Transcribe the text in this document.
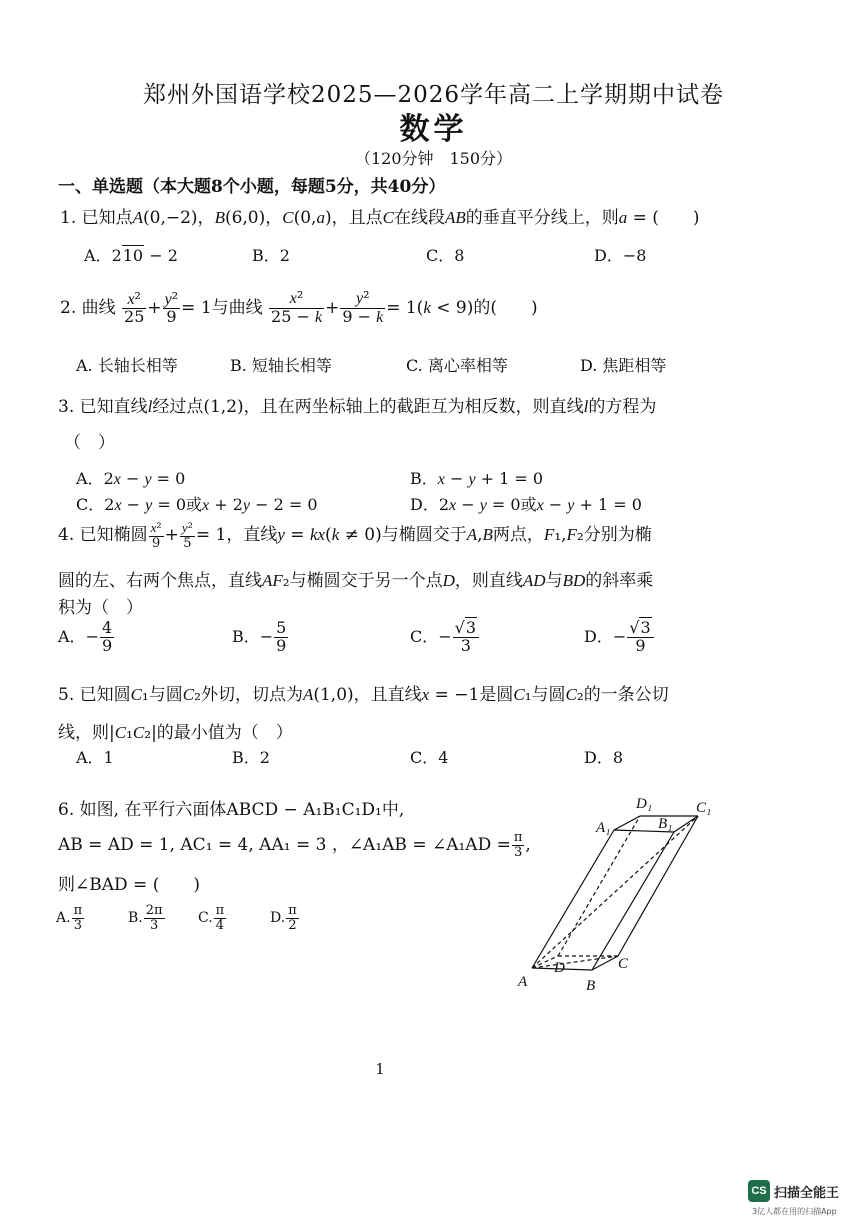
郑州外国语学校2025—2026学年高二上学期期中试卷
数学
（120分钟　150分）
一、单选题（本大题8个小题，每题5分，共40分）
1. 已知点A(0,−2)，B(6,0)，C(0,a)，且点C在线段AB的垂直平分线上，则a = (　　)
A．210 − 2	B．2	C．8	D．−8
2. 曲线 $\frac{\text{x²}}{25} + \frac{\text{y²}}{9} = 1$与曲线 $\frac{\text{x²}}{25 - k} + \frac{\text{y²}}{9 - k} = 1(k < 9)$的(　　)
A. 长轴长相等	B. 短轴长相等	C. 离心率相等	D. 焦距相等
3. 已知直线l经过点(1,2)，且在两坐标轴上的截距互为相反数，则直线l的方程为
（　）
A．2x − y = 0	B．x − y + 1 = 0
C．2x − y = 0或x + 2y − 2 = 0	D．2x − y = 0或x − y + 1 = 0
4. 已知椭圆 $\frac{\text{x²}}{9} + \frac{\text{y²}}{5} = 1$，直线y = kx(k ≠ 0)与椭圆交于A,B两点，F₁,F₂分别为椭
圆的左、右两个焦点，直线AF₂与椭圆交于另一个点D，则直线AD与BD的斜率乘
积为（　）
A．− $\frac{4}{9}$	B．− $\frac{5}{9}$	C．− $\frac{√3}{3}$	D．− $\frac{√3}{9}$
5. 已知圆C₁与圆C₂外切，切点为A(1,0)，且直线x = −1是圆C₁与圆C₂的一条公切
线，则|C₁C₂|的最小值为（　）
A．1	B．2	C．4	D．8
6. 如图, 在平行六面体ABCD − A₁B₁C₁D₁中,
AB = AD = 1, AC₁ = 4, AA₁ = 3 ，∠A₁AB = ∠A₁AD = $\frac{\pi}{3}$ ,
则∠BAD = (　　)
A. $\frac{\pi}{3}$	B. $\frac{2\pi}{3} C$. $\frac{\pi}{4}$	D. $\frac{\pi}{2}$
A	B
C
D
A₁	B₁
C₁
D₁
1
CS 扫描全能王
3亿人都在用的扫描App
